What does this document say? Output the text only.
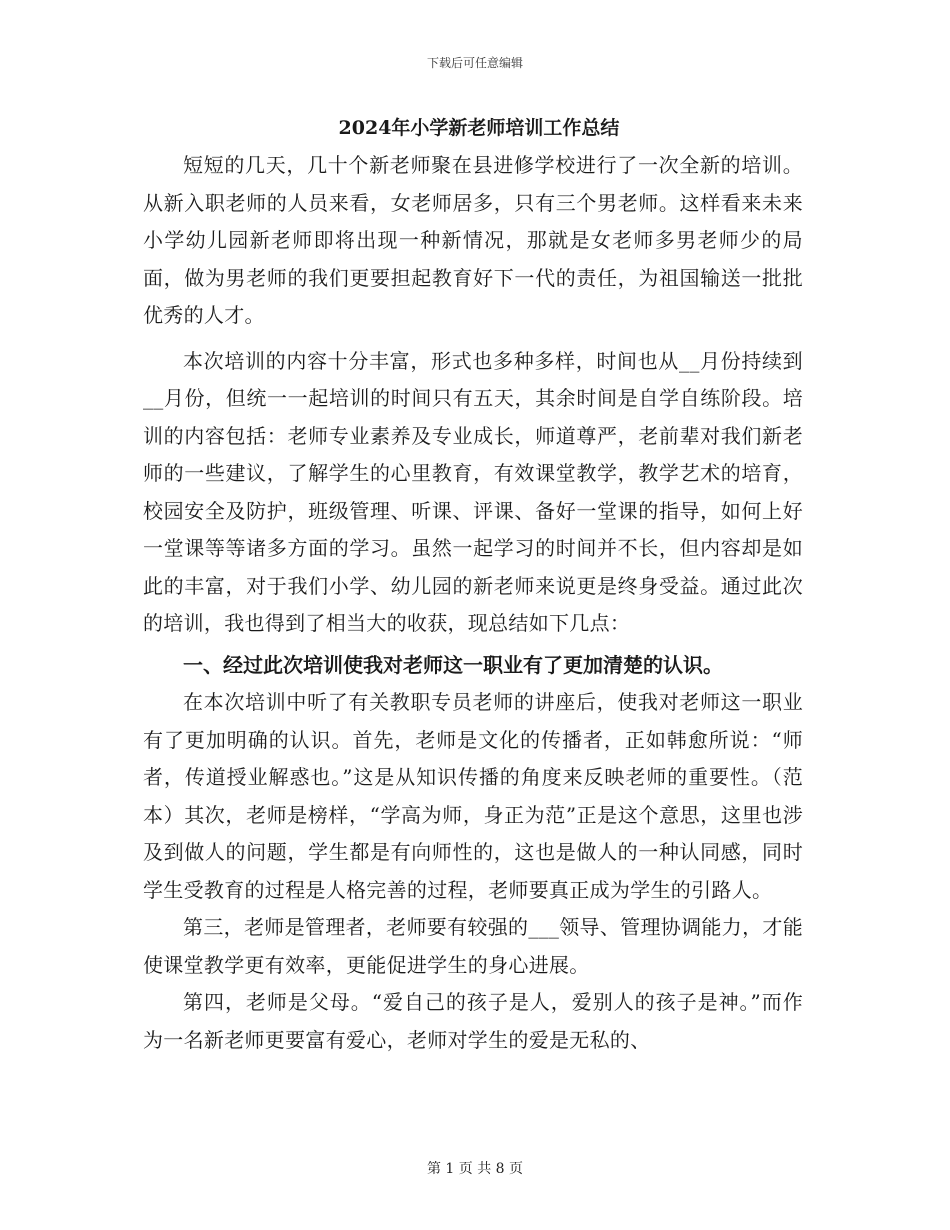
下载后可任意编辑
2024年小学新老师培训工作总结

短短的几天，几十个新老师聚在县进修学校进行了一次全新的培训。从新入职老师的人员来看，女老师居多，只有三个男老师。这样看来未来小学幼儿园新老师即将出现一种新情况，那就是女老师多男老师少的局面，做为男老师的我们更要担起教育好下一代的责任，为祖国输送一批批优秀的人才。

本次培训的内容十分丰富，形式也多种多样，时间也从__月份持续到__月份，但统一一起培训的时间只有五天，其余时间是自学自练阶段。培训的内容包括：老师专业素养及专业成长，师道尊严，老前辈对我们新老师的一些建议，了解学生的心里教育，有效课堂教学，教学艺术的培育，校园安全及防护，班级管理、听课、评课、备好一堂课的指导，如何上好一堂课等等诸多方面的学习。虽然一起学习的时间并不长，但内容却是如此的丰富，对于我们小学、幼儿园的新老师来说更是终身受益。通过此次的培训，我也得到了相当大的收获，现总结如下几点：

一、经过此次培训使我对老师这一职业有了更加清楚的认识。

在本次培训中听了有关教职专员老师的讲座后，使我对老师这一职业有了更加明确的认识。首先，老师是文化的传播者，正如韩愈所说：“师者，传道授业解惑也。”这是从知识传播的角度来反映老师的重要性。（范本）其次，老师是榜样，“学高为师，身正为范”正是这个意思，这里也涉及到做人的问题，学生都是有向师性的，这也是做人的一种认同感，同时学生受教育的过程是人格完善的过程，老师要真正成为学生的引路人。

第三，老师是管理者，老师要有较强的___领导、管理协调能力，才能使课堂教学更有效率，更能促进学生的身心进展。

第四，老师是父母。“爱自己的孩子是人，爱别人的孩子是神。”而作为一名新老师更要富有爱心，老师对学生的爱是无私的、

第 1 页 共 8 页
